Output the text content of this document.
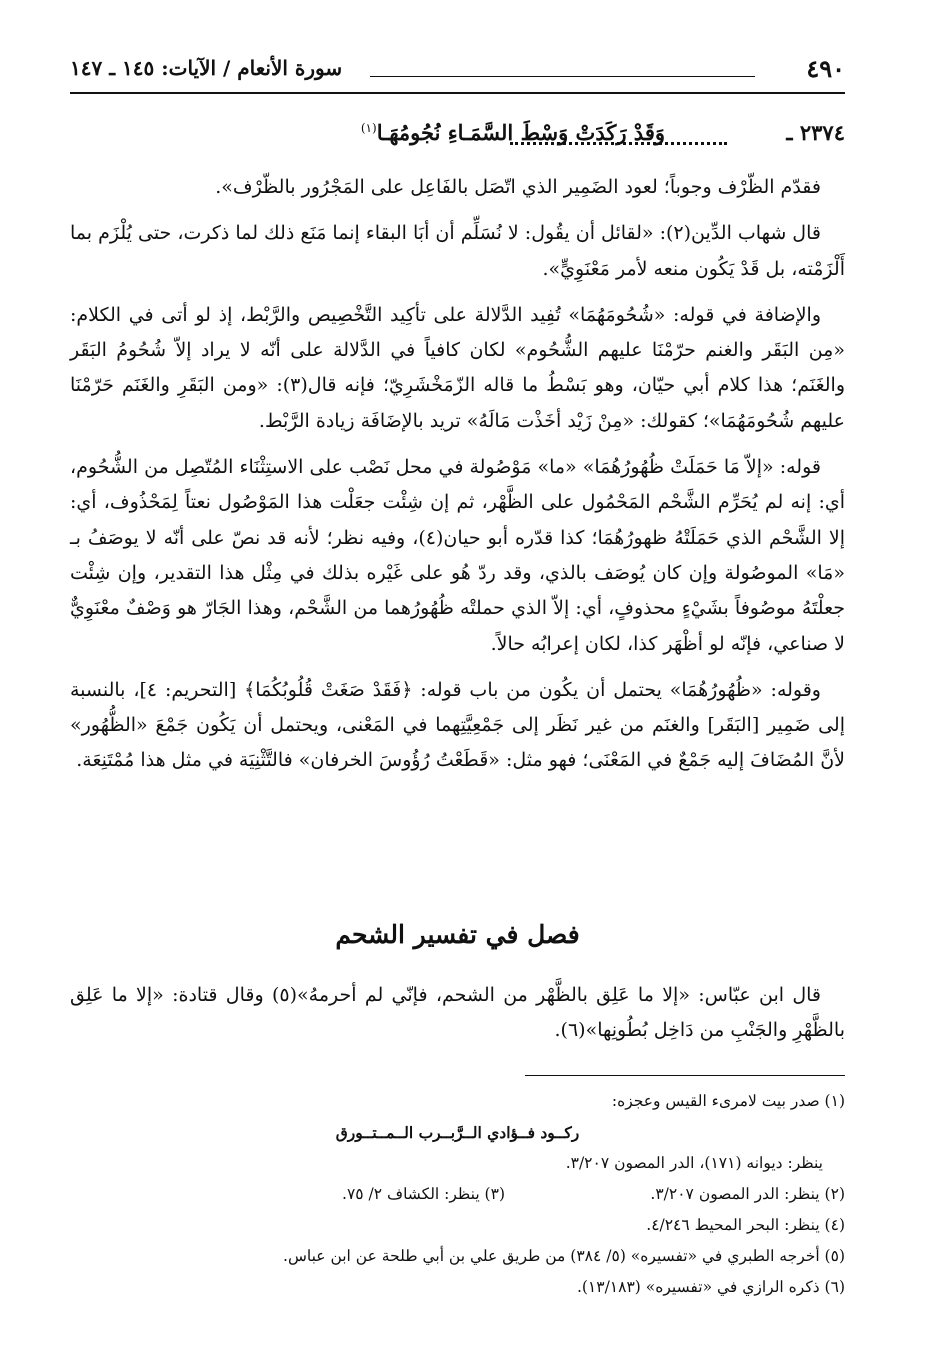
٤٩٠
سورة الأنعام / الآيات: ١٤٥ ـ ١٤٧
٢٣٧٤ ـ
وَقَدْ رَكَدَتْ وَسْطَ السَّمَـاءِ نُجُومُهَـا$^{(١)}$

فقدّم الظّرْف وجوباً؛ لعود الضَمِير الذي اتّصَل بالفَاعِل على المَجْرُور بالظّرْف».

قال شهاب الدِّين(٢): «لقائل أن يقُول: لا نُسَلِّم أن أبَا البقاء إنما مَنَع ذلك لما ذكرت، حتى يُلْزَم بما أَلْزَمْته، بل قَدْ يَكُون منعه لأمر مَعْنَوِيٍّ».

والإضافة في قوله: «شُحُومَهُمَا» تُفِيد الدَّلالة على تأكِيد التَّخْصِيص والرَّبْط، إذ لو أتى في الكلام: «مِن البَقَر والغنم حرّمْنَا عليهم الشُّحُوم» لكان كافياً في الدَّلالة على أنّه لا يراد إلاّ شُحُومُ البَقَر والغَنَم؛ هذا كلام أبي حيّان، وهو بَسْطُ ما قاله الزّمَخْشَرِيّ؛ فإنه قال(٣): «ومن البَقَرِ والغَنَم حَرّمْنَا عليهم شُحُومَهُمَا»؛ كقولك: «مِنْ زَيْد أخَذْت مَالَهُ» تريد بالإضَافَة زيادة الرَّبْط.

قوله: «إلاّ مَا حَمَلَتْ ظُهُورُهُمَا» «ما» مَوْصُولة في محل نَصْب على الاستِثْنَاء المُتّصِل من الشُّحُوم، أي: إنه لم يُحَرِّم الشَّحْم المَحْمُول على الظَّهْر، ثم إن شِئْت جعَلْت هذا المَوْصُول نعتاً لِمَحْذُوف، أي: إلا الشَّحْم الذي حَمَلَتْهُ ظهورُهُمَا؛ كذا قدّره أبو حيان(٤)، وفيه نظر؛ لأنه قد نصّ على أنّه لا يوصَفُ بـ «مَا» الموصُولة وإن كان يُوصَف بالذي، وقد ردّ هُو على غَيْره بذلك في مِثْل هذا التقدير، وإن شِئْت جعلْتَهُ موصُوفاً بشَيْءٍ محذوفٍ، أي: إلاّ الذي حملتْه ظُهُورُهما من الشَّحْم، وهذا الجَارّ هو وَصْفٌ معْنَوِيٌّ لا صناعي، فإنّه لو أظْهَر كذا، لكان إعرابُه حالاً.

وقوله: «ظُهُورُهُمَا» يحتمل أن يكُون من باب قوله: ﴿فَقَدْ صَغَتْ قُلُوبُكُمَا﴾ [التحريم: ٤]، بالنسبة إلى ضَمِير [البَقَر] والغنَم من غير نَظَر إلى جَمْعِيَّتِهما في المَعْنى، ويحتمل أن يَكُون جَمْعَ «الظُّهُور» لأنَّ المُضَافَ إليه جَمْعٌ في المَعْنَى؛ فهو مثل: «قَطَعْتُ رُؤُوسَ الخرفان» فالتَّثْنِيَة في مثل هذا مُمْتَنِعَة.

فصل في تفسير الشحم
قال ابن عبّاس: «إلا ما عَلِق بالظَّهْر من الشحم، فإنّي لم أحرمهُ»(٥) وقال قتادة: «إلا ما عَلِق بالظَّهْرِ والجَنْبِ من دَاخِل بُطُونِها»(٦).
(١) صدر بيت لامرىء القيس وعجزه:
ركــود فــؤادي الــرَّبــرب الــمــتــورق
ينظر: ديوانه (١٧١)، الدر المصون ٣/٢٠٧.
(٢) ينظر: الدر المصون ٣/٢٠٧.
(٣) ينظر: الكشاف ٢/ ٧٥.
(٤) ينظر: البحر المحيط ٤/٢٤٦.
(٥) أخرجه الطبري في «تفسيره» (٥/ ٣٨٤) من طريق علي بن أبي طلحة عن ابن عباس.
(٦) ذكره الرازي في «تفسيره» (١٣/١٨٣).
